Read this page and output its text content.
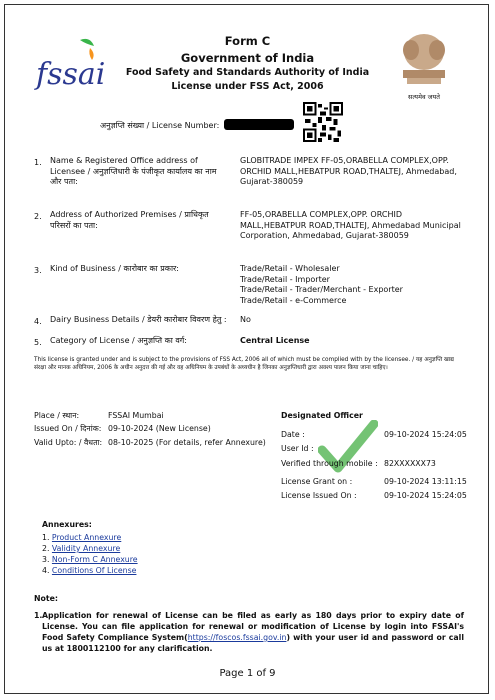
fssai
Form C
Government of India
Food Safety and Standards Authority of India
License under FSS Act, 2006
सत्यमेव जयते
अनुज्ञप्ति संख्या / License Number:
1. Name & Registered Office address of Licensee / अनुज्ञप्तिधारी के पंजीकृत कार्यालय का नाम और पता:
GLOBITRADE IMPEX FF-05,ORABELLA COMPLEX,OPP. ORCHID MALL,HEBATPUR ROAD,THALTEJ, Ahmedabad, Gujarat-380059
2. Address of Authorized Premises / प्राधिकृत परिसरों का पता:
FF-05,ORABELLA COMPLEX,OPP. ORCHID MALL,HEBATPUR ROAD,THALTEJ, Ahmedabad Municipal Corporation, Ahmedabad, Gujarat-380059
3. Kind of Business / कारोबार का प्रकार:	Trade/Retail - Wholesaler
Trade/Retail - Importer
Trade/Retail - Trader/Merchant - Exporter
Trade/Retail - e-Commerce
4. Dairy Business Details / डेयरी कारोबार विवरण हेतु :	No
5. Category of License / अनुज्ञप्ति का वर्ग:	Central License
This license is granted under and is subject to the provisions of FSS Act, 2006 all of which must be complied with by the licensee. / यह अनुज्ञप्ति खाद्य संरक्षा और मानक अधिनियम, 2006 के अधीन अनुदत्त की गई और वह अधिनियम के उपबंधों के अध्यधीन है जिनका अनुज्ञप्तिधारी द्वारा अवश्य पालन किया जाना चाहिए।
Place / स्थान:	FSSAI Mumbai
Issued On / दिनांक: 09-10-2024 (New License)
Valid Upto: / वैधता: 08-10-2025 (For details, refer Annexure)
Designated Officer
Date :	09-10-2024 15:24:05
User Id :
Verified through mobile : 82XXXXXX73
License Grant on :	09-10-2024 13:11:15
License Issued On :	09-10-2024 15:24:05
Annexures:
1. Product Annexure
2. Validity Annexure
3. Non-Form C Annexure
4. Conditions Of License
Note:
1. Application for renewal of License can be filed as early as 180 days prior to expiry date of License. You can file application for renewal or modification of License by login into FSSAI's Food Safety Compliance System(https://foscos.fssai.gov.in) with your user id and password or call us at 1800112100 for any clarification.
Page 1 of 9
